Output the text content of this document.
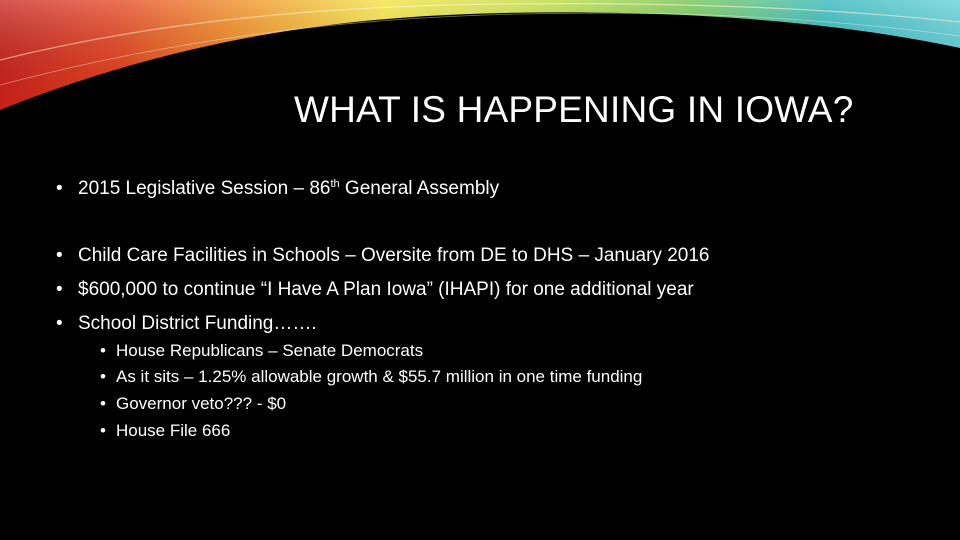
WHAT IS HAPPENING IN IOWA?
• 2015 Legislative Session – 86th General Assembly
• Child Care Facilities in Schools – Oversite from DE to DHS – January 2016
• $600,000 to continue “I Have A Plan Iowa” (IHAPI) for one additional year
• School District Funding…….
• House Republicans – Senate Democrats
• As it sits – 1.25% allowable growth & $55.7 million in one time funding
• Governor veto??? - $0
• House File 666
